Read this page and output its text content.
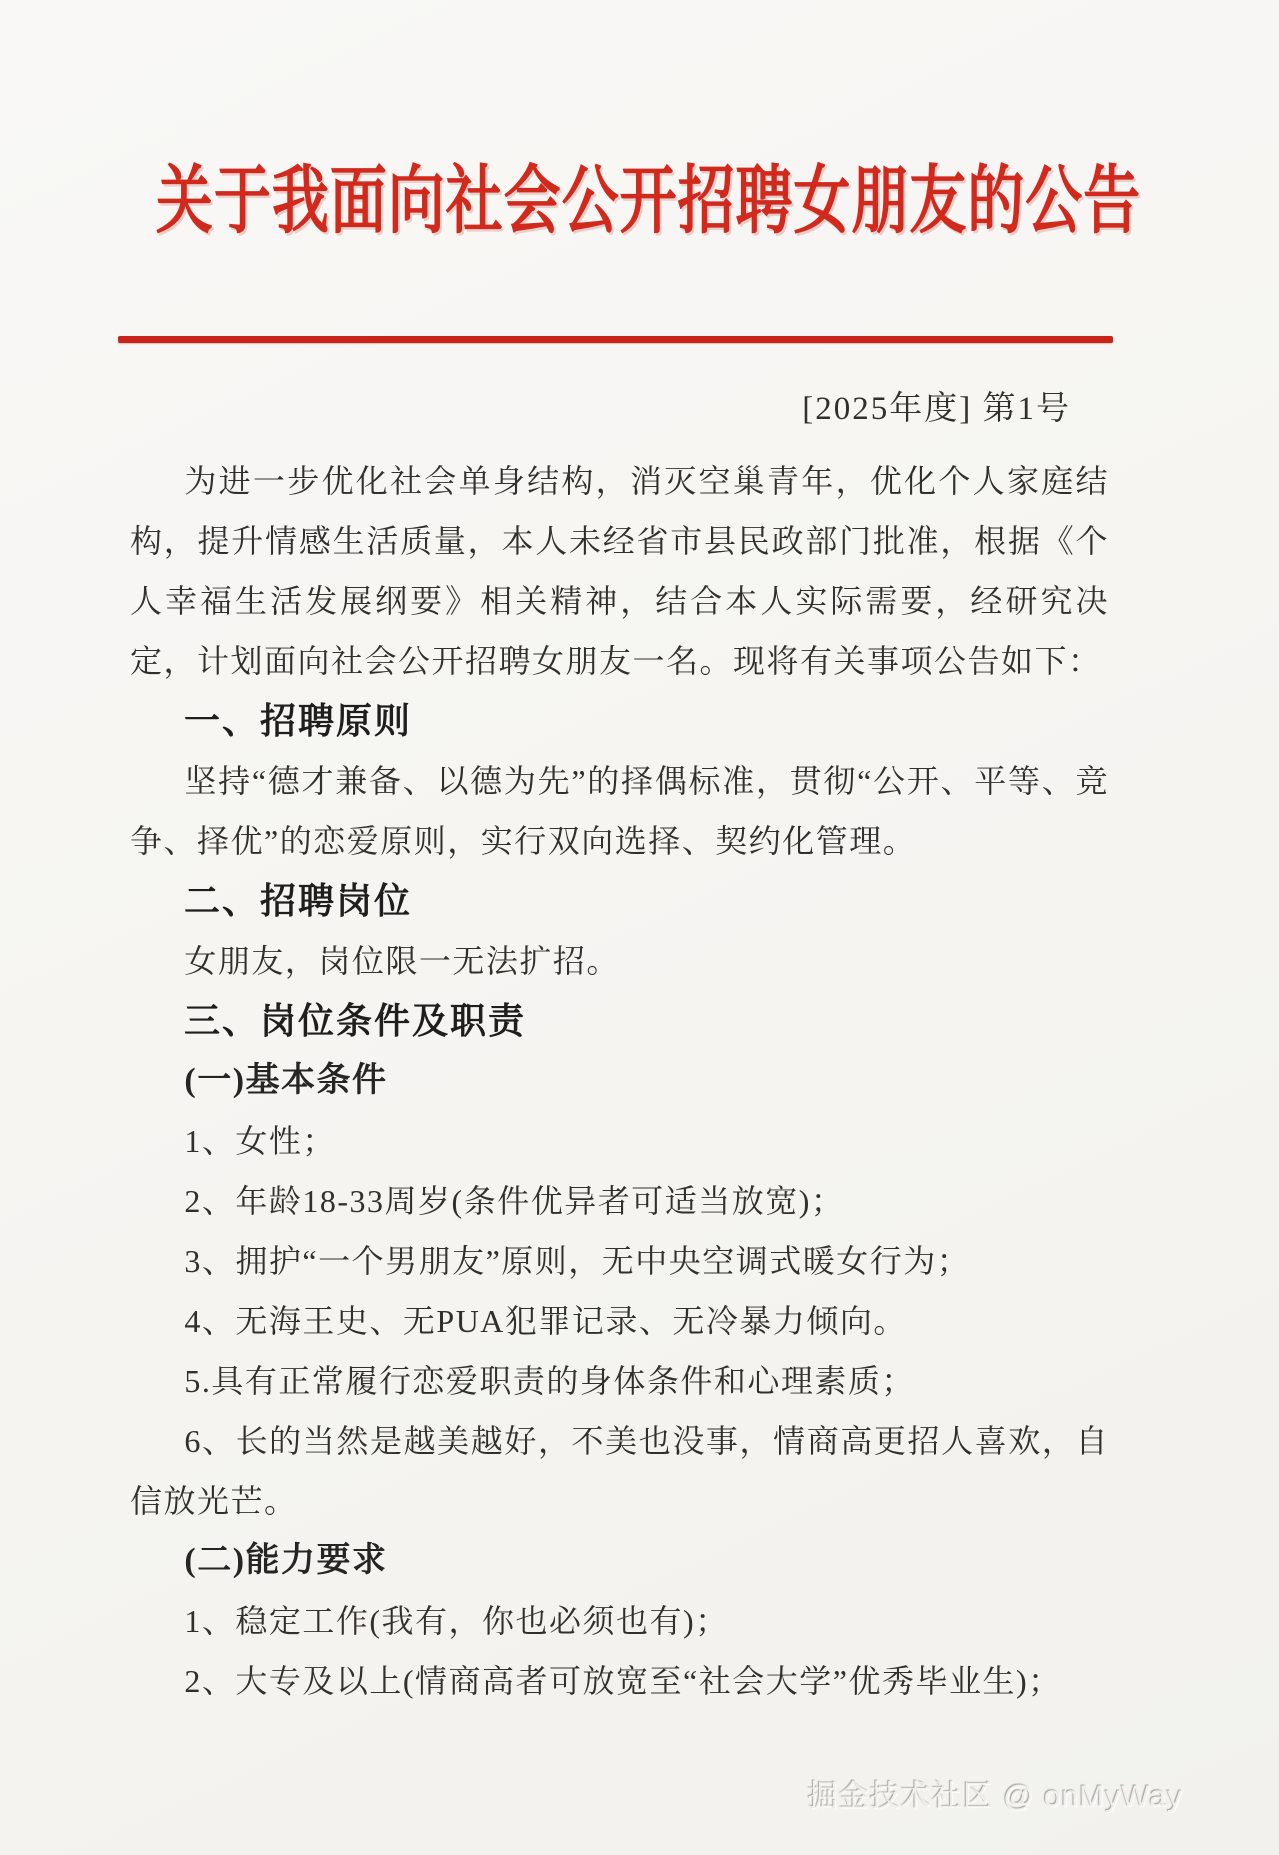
关于我面向社会公开招聘女朋友的公告
[2025年度] 第1号

为进一步优化社会单身结构，消灭空巢青年，优化个人家庭结构，提升情感生活质量，本人未经省市县民政部门批准，根据《个人幸福生活发展纲要》相关精神，结合本人实际需要，经研究决定，计划面向社会公开招聘女朋友一名。现将有关事项公告如下：

一、招聘原则

坚持“德才兼备、以德为先”的择偶标准，贯彻“公开、平等、竞争、择优”的恋爱原则，实行双向选择、契约化管理。

二、招聘岗位

女朋友，岗位限一无法扩招。

三、岗位条件及职责
(一)基本条件

1、女性；

2、年龄18-33周岁(条件优异者可适当放宽)；

3、拥护“一个男朋友”原则，无中央空调式暖女行为；

4、无海王史、无PUA犯罪记录、无冷暴力倾向。

5.具有正常履行恋爱职责的身体条件和心理素质；

6、长的当然是越美越好，不美也没事，情商高更招人喜欢，自信放光芒。

(二)能力要求

1、稳定工作(我有，你也必须也有)；

2、大专及以上(情商高者可放宽至“社会大学”优秀毕业生)；

掘金技术社区 @ onMyWay
